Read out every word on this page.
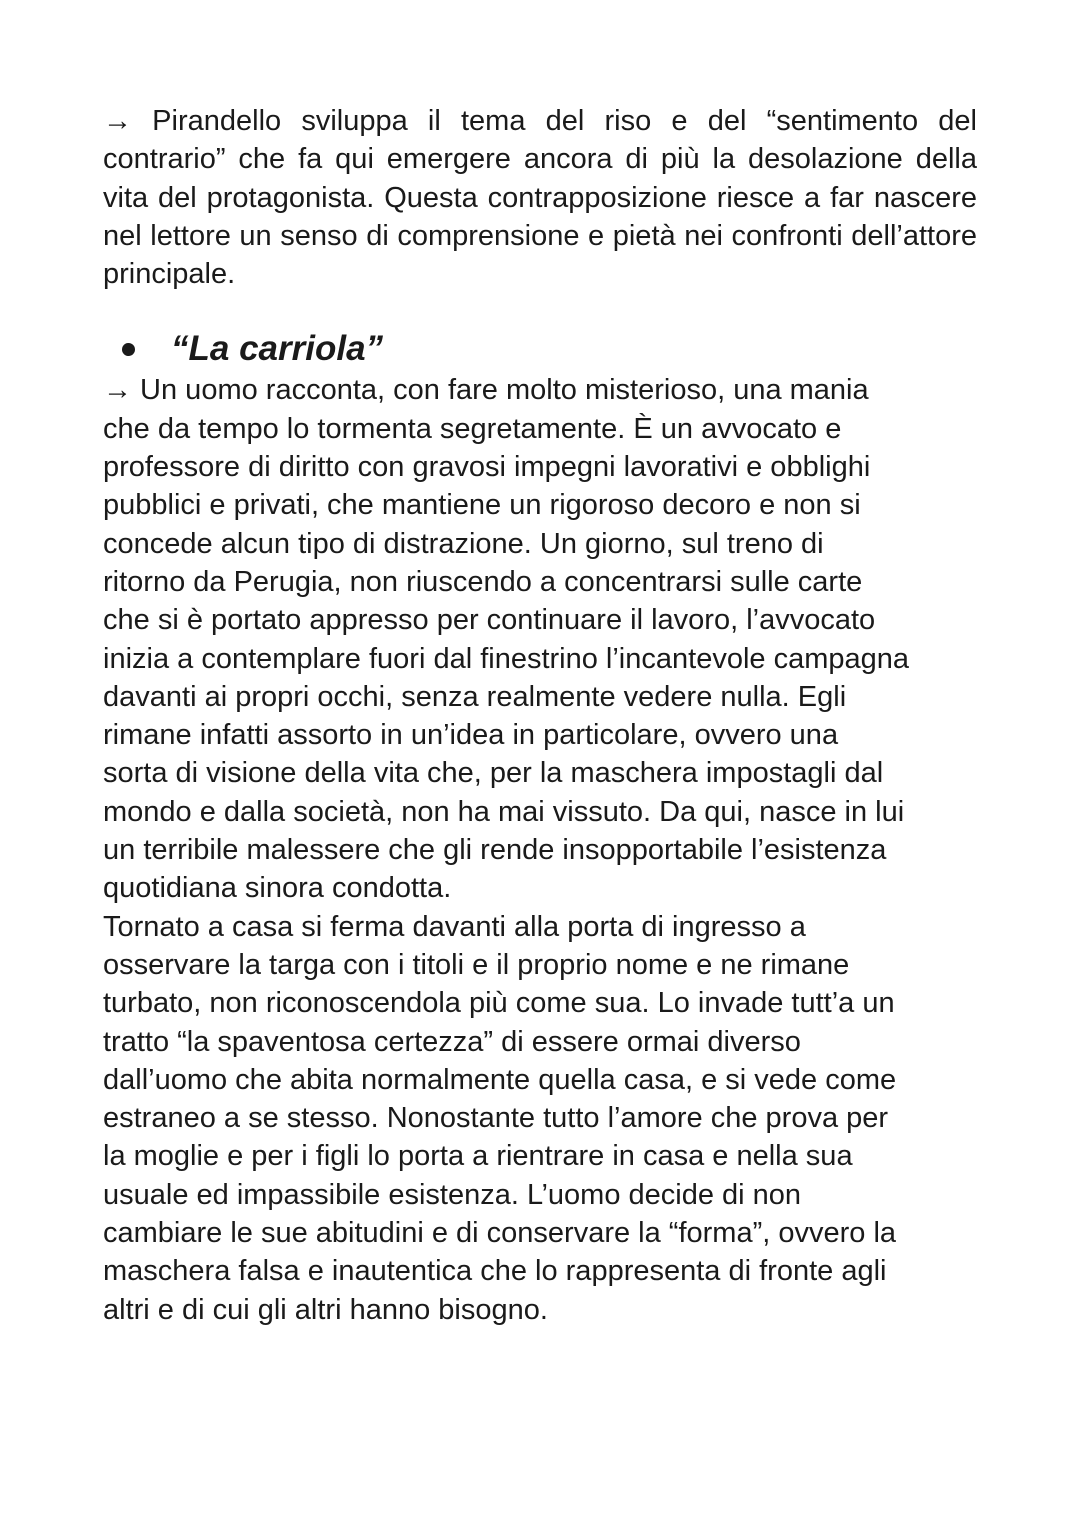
→ Pirandello sviluppa il tema del riso e del “sentimento del contrario” che fa qui emergere ancora di più la desolazione della vita del protagonista. Questa contrapposizione riesce a far nascere nel lettore un senso di comprensione e pietà nei confronti dell’attore principale.

“La carriola”

→ Un uomo racconta, con fare molto misterioso, una mania
che da tempo lo tormenta segretamente. È un avvocato e
professore di diritto con gravosi impegni lavorativi e obblighi
pubblici e privati, che mantiene un rigoroso decoro e non si
concede alcun tipo di distrazione. Un giorno, sul treno di
ritorno da Perugia, non riuscendo a concentrarsi sulle carte
che si è portato appresso per continuare il lavoro, l’avvocato
inizia a contemplare fuori dal finestrino l’incantevole campagna
davanti ai propri occhi, senza realmente vedere nulla. Egli
rimane infatti assorto in un’idea in particolare, ovvero una
sorta di visione della vita che, per la maschera impostagli dal
mondo e dalla società, non ha mai vissuto. Da qui, nasce in lui
un terribile malessere che gli rende insopportabile l’esistenza
quotidiana sinora condotta.

Tornato a casa si ferma davanti alla porta di ingresso a
osservare la targa con i titoli e il proprio nome e ne rimane
turbato, non riconoscendola più come sua. Lo invade tutt’a un
tratto “la spaventosa certezza” di essere ormai diverso
dall’uomo che abita normalmente quella casa, e si vede come
estraneo a se stesso. Nonostante tutto l’amore che prova per
la moglie e per i figli lo porta a rientrare in casa e nella sua
usuale ed impassibile esistenza. L’uomo decide di non
cambiare le sue abitudini e di conservare la “forma”, ovvero la
maschera falsa e inautentica che lo rappresenta di fronte agli
altri e di cui gli altri hanno bisogno.
